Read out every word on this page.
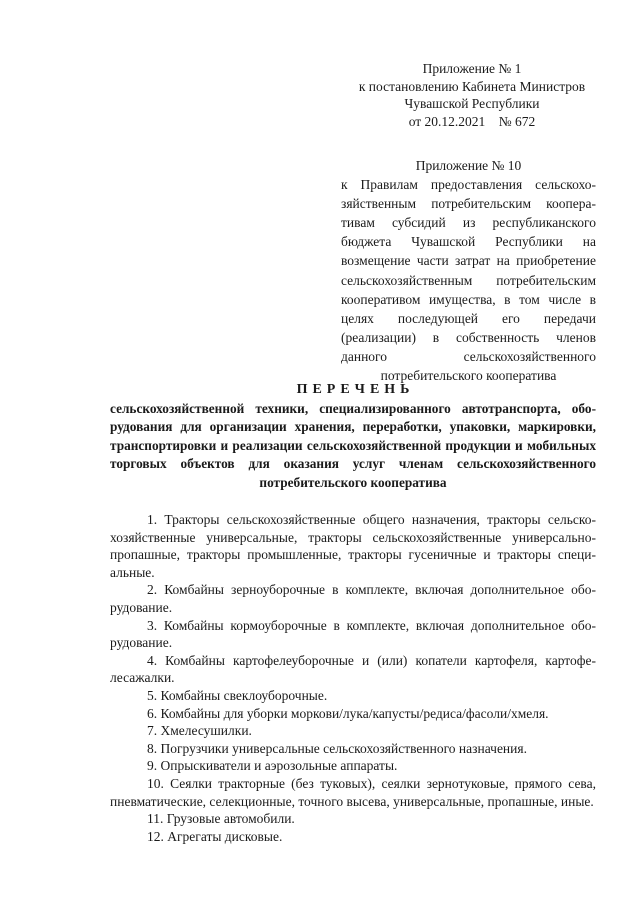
Приложение № 1
к постановлению Кабинета Министров
Чувашской Республики
от 20.12.2021    № 672
Приложение № 10
к Правилам предоставления сельскохозяйственным потребительским кооперативам субсидий из республиканского бюджета Чувашской Республики на возмещение части затрат на приобретение сельскохозяйственным потребительским кооперативом имущества, в том числе в целях последующей его передачи (реализации) в собственность членов данного сельскохозяйственного потребительского кооператива
ПЕРЕЧЕНЬ
сельскохозяйственной техники, специализированного автотранспорта, оборудования для организации хранения, переработки, упаковки, маркировки, транспортировки и реализации сельскохозяйственной продукции и мобильных торговых объектов для оказания услуг членам сельскохозяйственного потребительского кооператива

1. Тракторы сельскохозяйственные общего назначения, тракторы сельскохозяйственные универсальные, тракторы сельскохозяйственные универсально-пропашные, тракторы промышленные, тракторы гусеничные и тракторы специальные.

2. Комбайны зерноуборочные в комплекте, включая дополнительное оборудование.

3. Комбайны кормоуборочные в комплекте, включая дополнительное оборудование.

4. Комбайны картофелеуборочные и (или) копатели картофеля, картофелесажалки.

5. Комбайны свеклоуборочные.

6. Комбайны для уборки моркови/лука/капусты/редиса/фасоли/хмеля.

7. Хмелесушилки.

8. Погрузчики универсальные сельскохозяйственного назначения.

9. Опрыскиватели и аэрозольные аппараты.

10. Сеялки тракторные (без туковых), сеялки зернотуковые, прямого сева, пневматические, селекционные, точного высева, универсальные, пропашные, иные.

11. Грузовые автомобили.

12. Агрегаты дисковые.
